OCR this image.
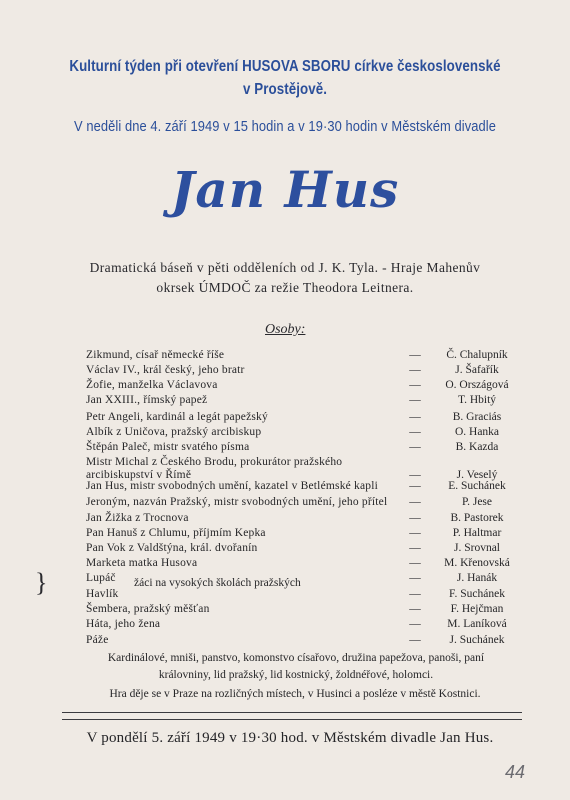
Kulturní týden při otevření HUSOVA SBORU církve československé
v Prostějově.
V neděli dne 4. září 1949 v 15 hodin a v 19·30 hodin v Městském divadle
Jan Hus
Dramatická báseň v pěti odděleních od J. K. Tyla. - Hraje Mahenův
okrsek ÚMDOČ za režie Theodora Leitnera.
Osoby:
Zikmund, císař německé říše	—	Č. Chalupník
Václav IV., král český, jeho bratr	—	J. Šafařík
Žofie, manželka Václavova	—	O. Országová
Jan XXIII., římský papež	—	T. Hbitý
Petr Angeli, kardinál a legát papežský	—	B. Graciás
Albík z Uničova, pražský arcibiskup	—	O. Hanka
Štěpán Paleč, mistr svatého písma	—	B. Kazda
Mistr Michal z Českého Brodu, prokurátor pražského arcibiskupství v Římě	—	J. Veselý
Jan Hus, mistr svobodných umění, kazatel v Betlémské kapli	—	E. Suchánek
Jeroným, nazván Pražský, mistr svobodných umění, jeho přítel	—	P. Jese
Jan Žižka z Trocnova	—	B. Pastorek
Pan Hanuš z Chlumu, příjmím Kepka	—	P. Haltmar
Pan Vok z Valdštýna, král. dvořanín	—	J. Srovnal
Marketa matka Husova	—	M. Křenovská
Lupáč	—	J. Hanák
Havlík	—	F. Suchánek
Šembera, pražský měšťan	—	F. Hejčman
Háta, jeho žena	—	M. Laníková
Páže	—	J. Suchánek
}	žáci na vysokých školách pražských
Kardinálové, mniši, panstvo, komonstvo císařovo, družina papežova, panoši, paní
královniny, lid pražský, lid kostnický, žoldnéřové, holomci.
Hra děje se v Praze na rozličných místech, v Husinci a posléze v městě Kostnici.
V pondělí 5. září 1949 v 19·30 hod. v Městském divadle Jan Hus.
44
